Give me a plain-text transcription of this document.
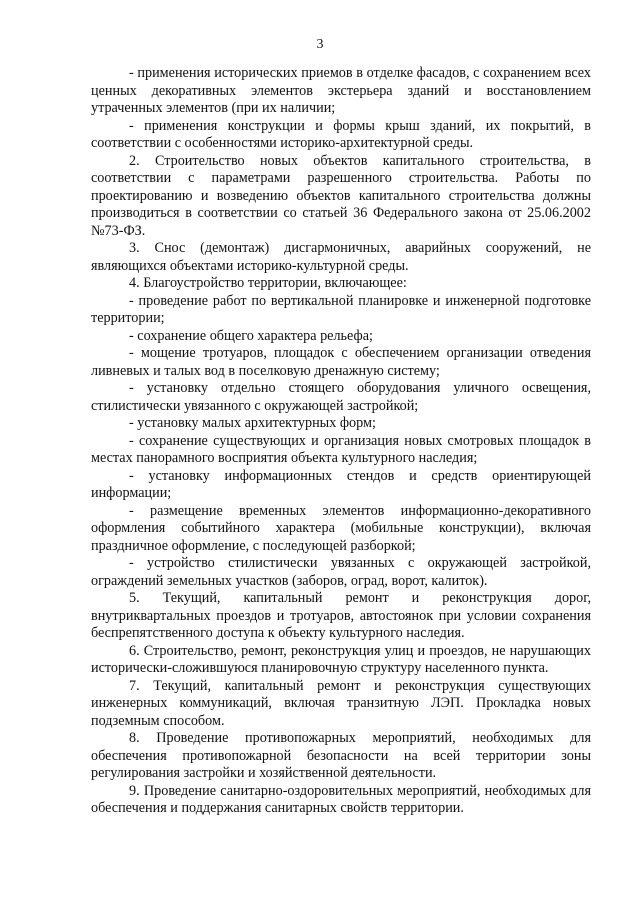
3

- применения исторических приемов в отделке фасадов, с сохранением всех ценных декоративных элементов экстерьера зданий и восстановлением утраченных элементов (при их наличии;

- применения конструкции и формы крыш зданий, их покрытий, в соответствии с особенностями историко-архитектурной среды.

2. Строительство новых объектов капитального строительства, в соответствии с параметрами разрешенного строительства. Работы по проектированию и возведению объектов капитального строительства должны производиться в соответствии со статьей 36 Федерального закона от 25.06.2002 №73-ФЗ.

3. Снос (демонтаж) дисгармоничных, аварийных сооружений, не являющихся объектами историко-культурной среды.

4. Благоустройство территории, включающее:

- проведение работ по вертикальной планировке и инженерной подготовке территории;

- сохранение общего характера рельефа;

- мощение тротуаров, площадок с обеспечением организации отведения ливневых и талых вод в поселковую дренажную систему;

- установку отдельно стоящего оборудования уличного освещения, стилистически увязанного с окружающей застройкой;

- установку малых архитектурных форм;

- сохранение существующих и организация новых смотровых площадок в местах панорамного восприятия объекта культурного наследия;

- установку информационных стендов и средств ориентирующей информации;

- размещение временных элементов информационно-декоративного оформления событийного характера (мобильные конструкции), включая праздничное оформление, с последующей разборкой;

- устройство стилистически увязанных с окружающей застройкой, ограждений земельных участков (заборов, оград, ворот, калиток).

5. Текущий, капитальный ремонт и реконструкция дорог, внутриквартальных проездов и тротуаров, автостоянок при условии сохранения беспрепятственного доступа к объекту культурного наследия.

6. Строительство, ремонт, реконструкция улиц и проездов, не нарушающих исторически-сложившуюся планировочную структуру населенного пункта.

7. Текущий, капитальный ремонт и реконструкция существующих инженерных коммуникаций, включая транзитную ЛЭП. Прокладка новых подземным способом.

8. Проведение противопожарных мероприятий, необходимых для обеспечения противопожарной безопасности на всей территории зоны регулирования застройки и хозяйственной деятельности.

9. Проведение санитарно-оздоровительных мероприятий, необходимых для обеспечения и поддержания санитарных свойств территории.
